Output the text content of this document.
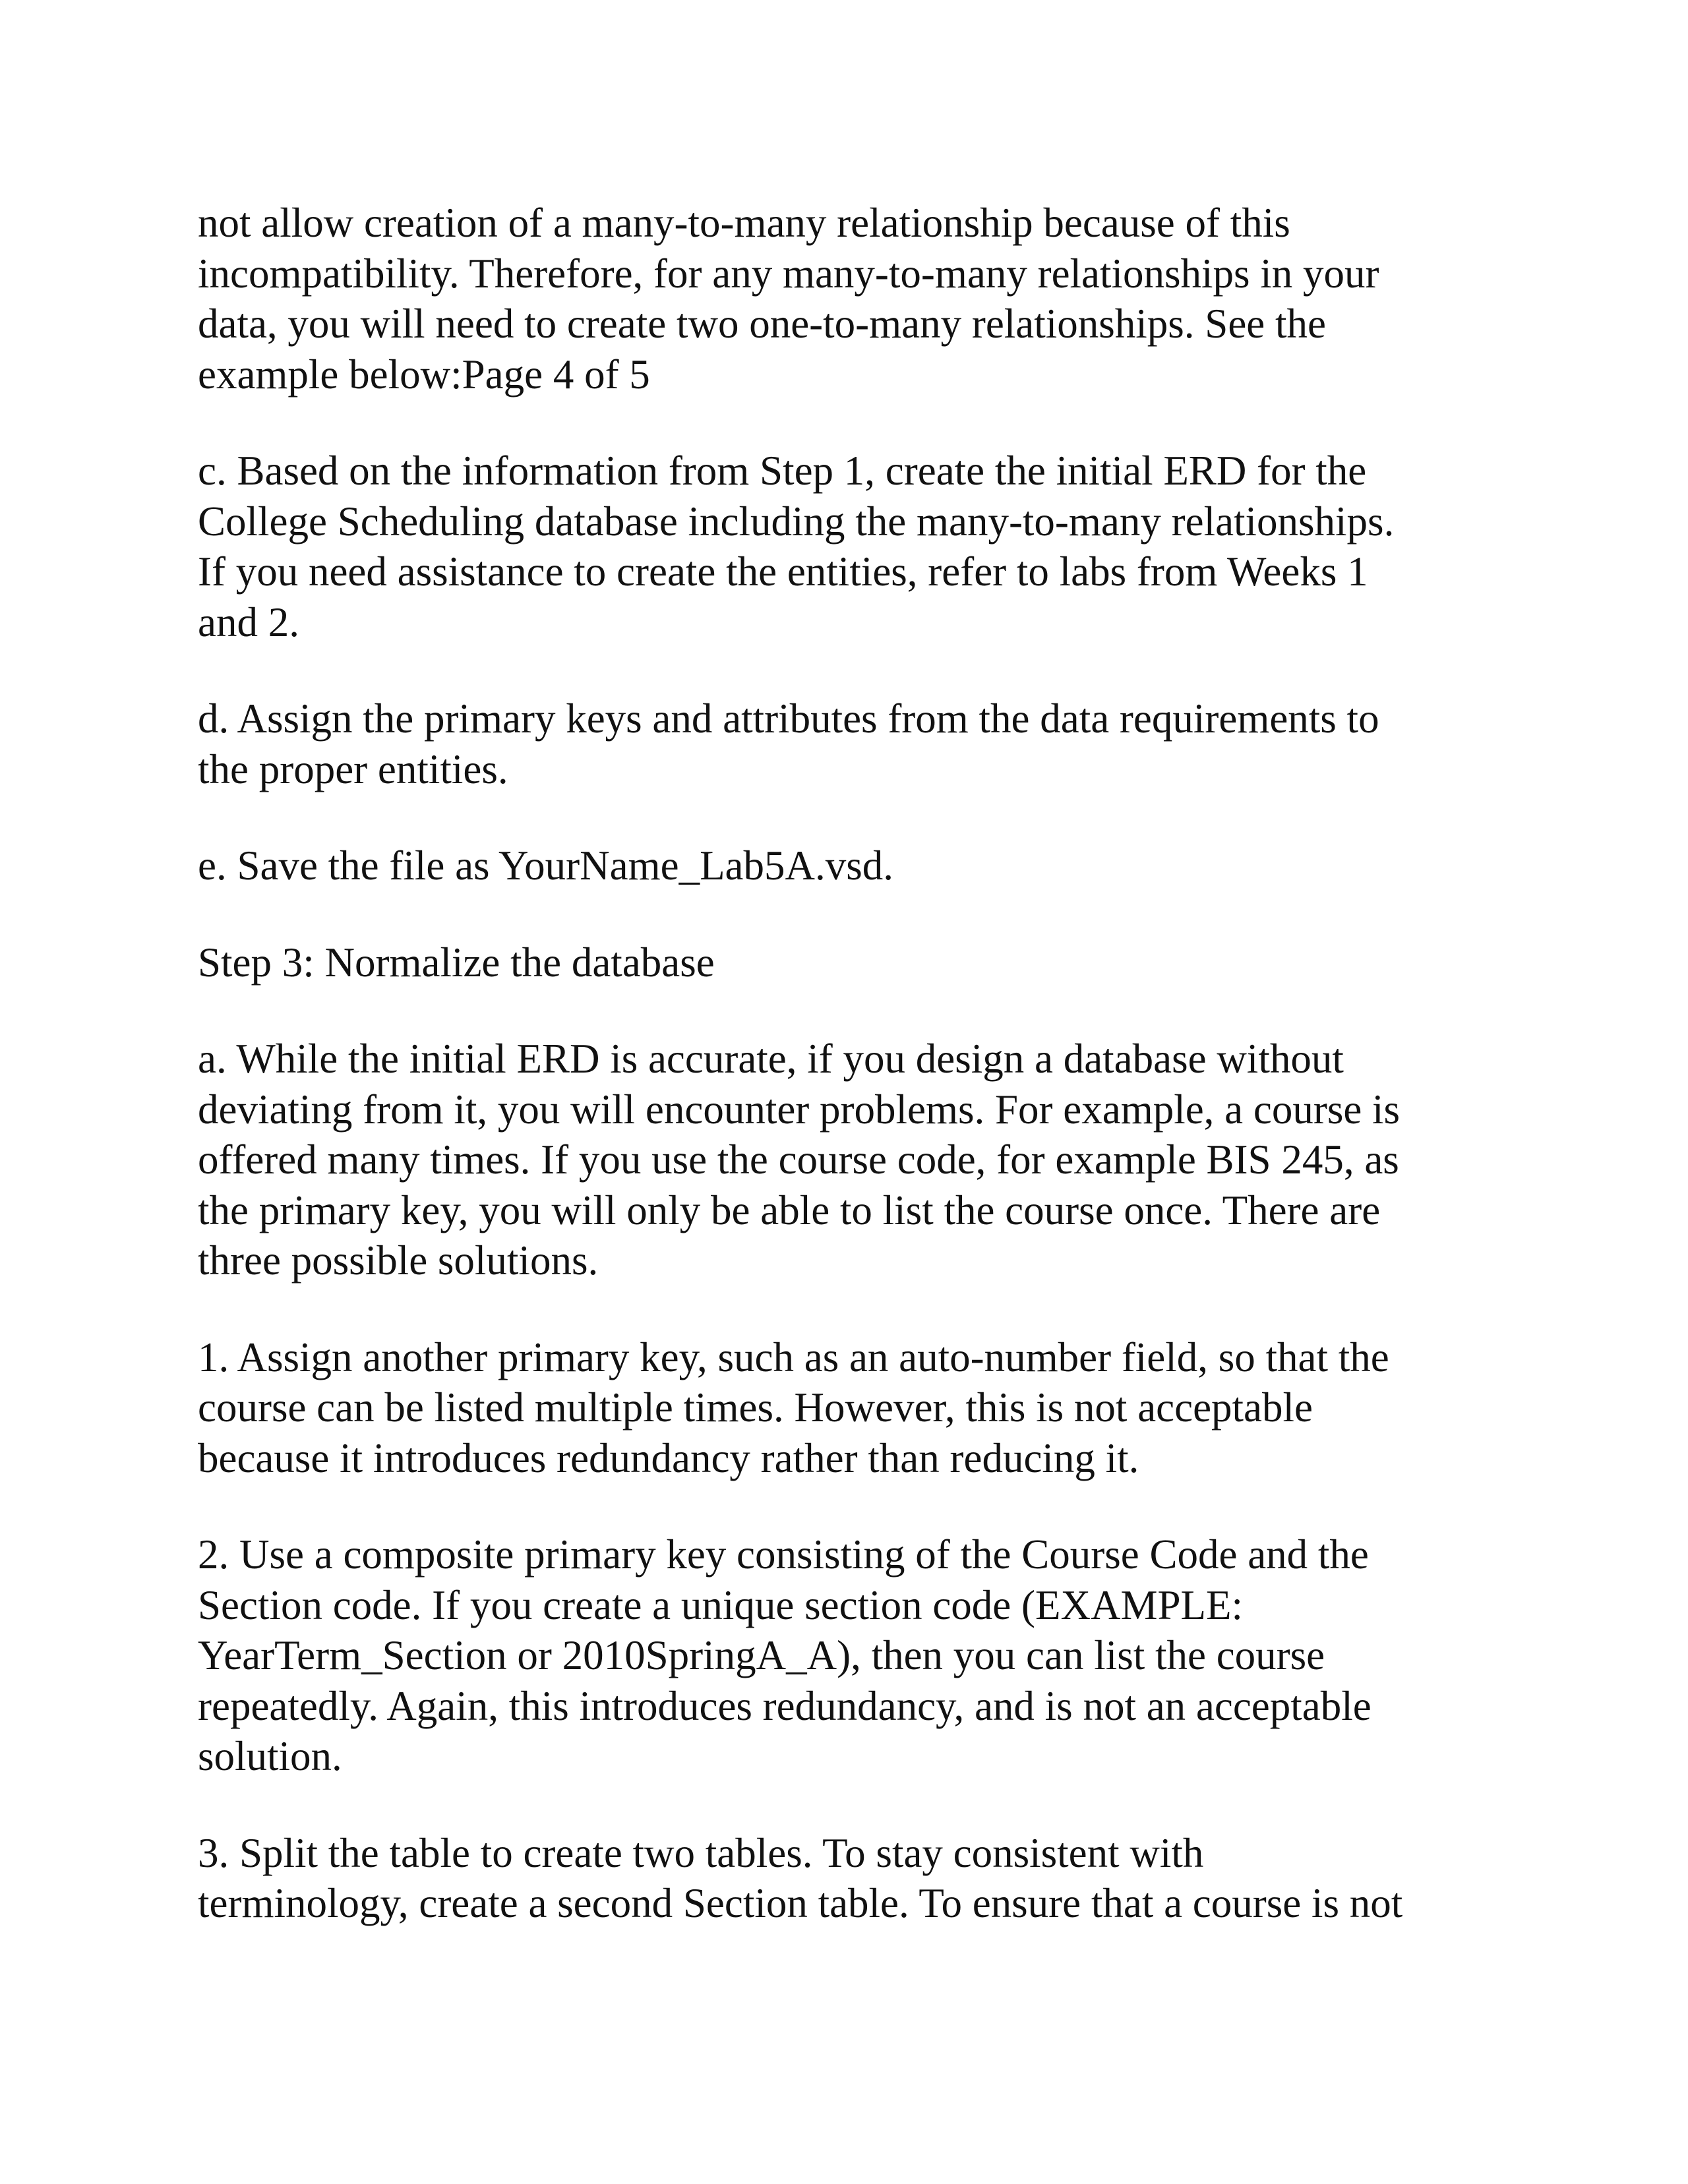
not allow creation of a many-to-many relationship because of this
incompatibility. Therefore, for any many-to-many relationships in your
data, you will need to create two one-to-many relationships. See the
example below:Page 4 of 5

c. Based on the information from Step 1, create the initial ERD for the
College Scheduling database including the many-to-many relationships.
If you need assistance to create the entities, refer to labs from Weeks 1
and 2.

d. Assign the primary keys and attributes from the data requirements to
the proper entities.

e. Save the file as YourName_Lab5A.vsd.

Step 3: Normalize the database

a. While the initial ERD is accurate, if you design a database without
deviating from it, you will encounter problems. For example, a course is
offered many times. If you use the course code, for example BIS 245, as
the primary key, you will only be able to list the course once. There are
three possible solutions.

1. Assign another primary key, such as an auto-number field, so that the
course can be listed multiple times. However, this is not acceptable
because it introduces redundancy rather than reducing it.

2. Use a composite primary key consisting of the Course Code and the
Section code. If you create a unique section code (EXAMPLE:
YearTerm_Section or 2010SpringA_A), then you can list the course
repeatedly. Again, this introduces redundancy, and is not an acceptable
solution.

3. Split the table to create two tables. To stay consistent with
terminology, create a second Section table. To ensure that a course is not
